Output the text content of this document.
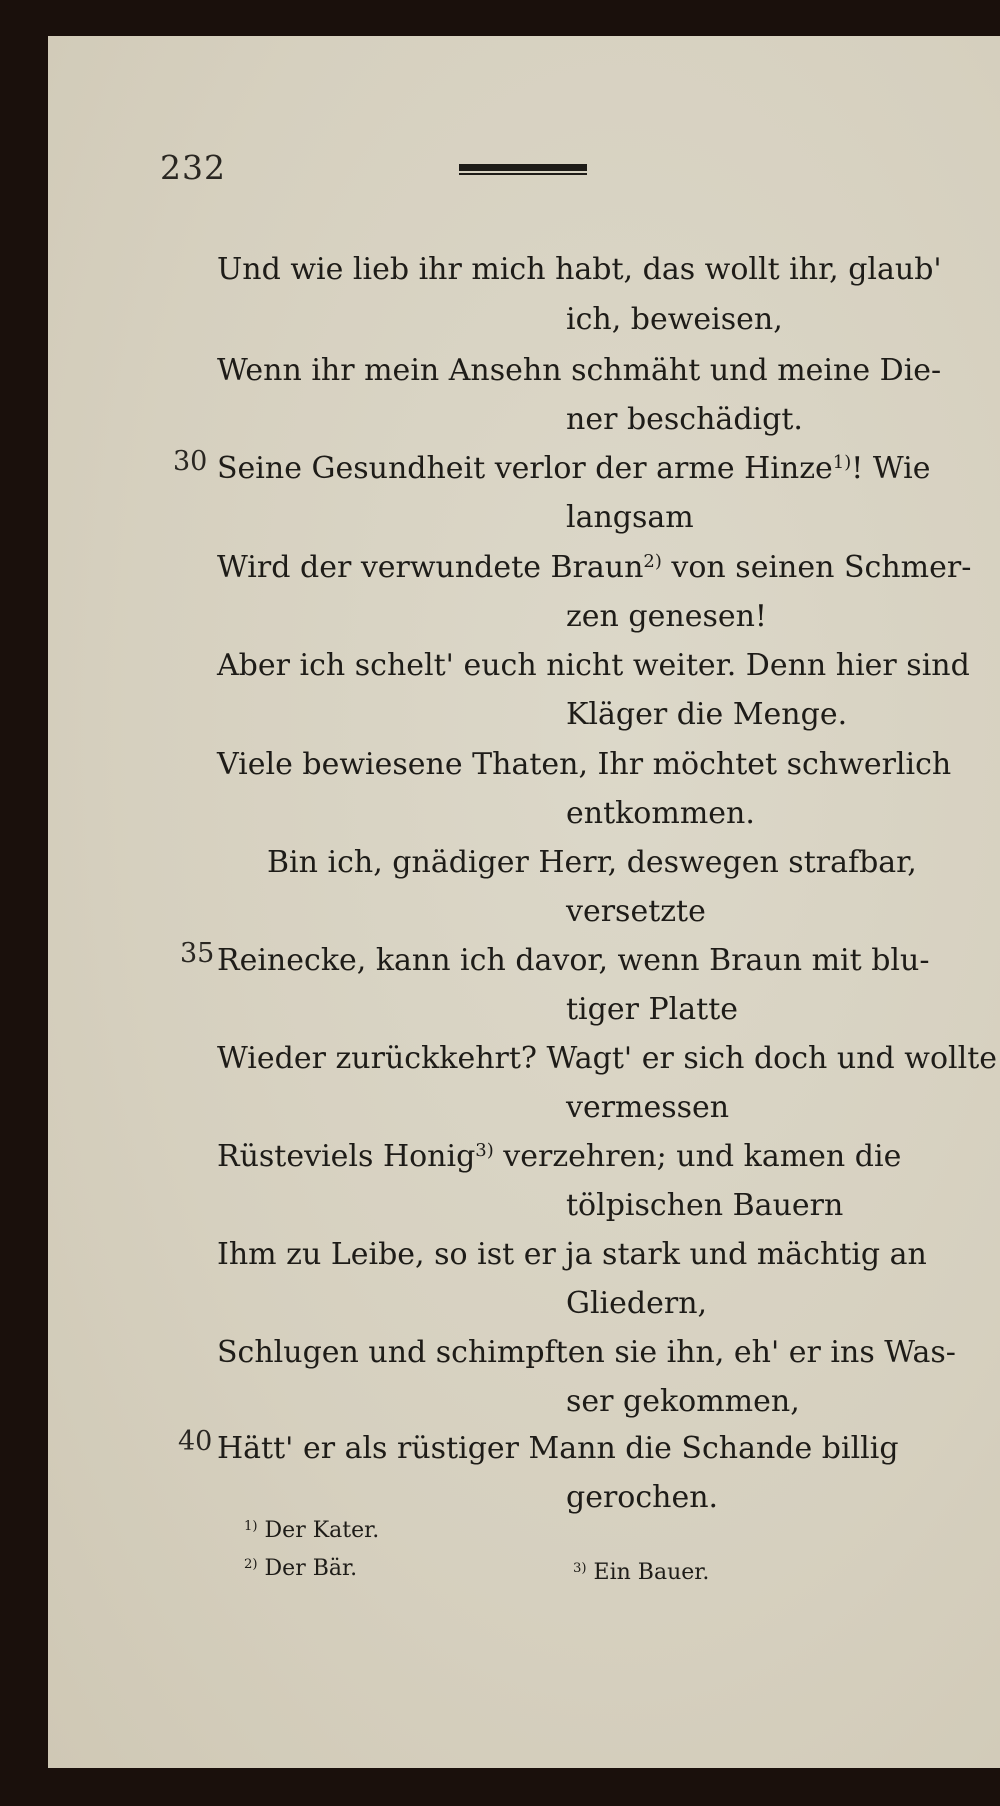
232
30
35
40
Und wie lieb ihr mich habt, das wollt ihr, glaub'
ich, beweisen,
Wenn ihr mein Ansehn schmäht und meine Die-
ner beschädigt.
Seine Gesundheit verlor der arme Hinze$^{1)}$! Wie
langsam
Wird der verwundete Braun$^{2)}$ von seinen Schmer-
zen genesen!
Aber ich schelt' euch nicht weiter. Denn hier sind
Kläger die Menge.
Viele bewiesene Thaten, Ihr möchtet schwerlich
entkommen.
Bin ich, gnädiger Herr, deswegen strafbar,
versetzte
Reinecke, kann ich davor, wenn Braun mit blu-
tiger Platte
Wieder zurückkehrt? Wagt' er sich doch und wollte
vermessen
Rüsteviels Honig$^{3)}$ verzehren; und kamen die
tölpischen Bauern
Ihm zu Leibe, so ist er ja stark und mächtig an
Gliedern,
Schlugen und schimpften sie ihn, eh' er ins Was-
ser gekommen,
Hätt' er als rüstiger Mann die Schande billig
gerochen.
$^{1)}$ Der Kater.
$^{2)}$ Der Bär.	$^{3)}$ Ein Bauer.
